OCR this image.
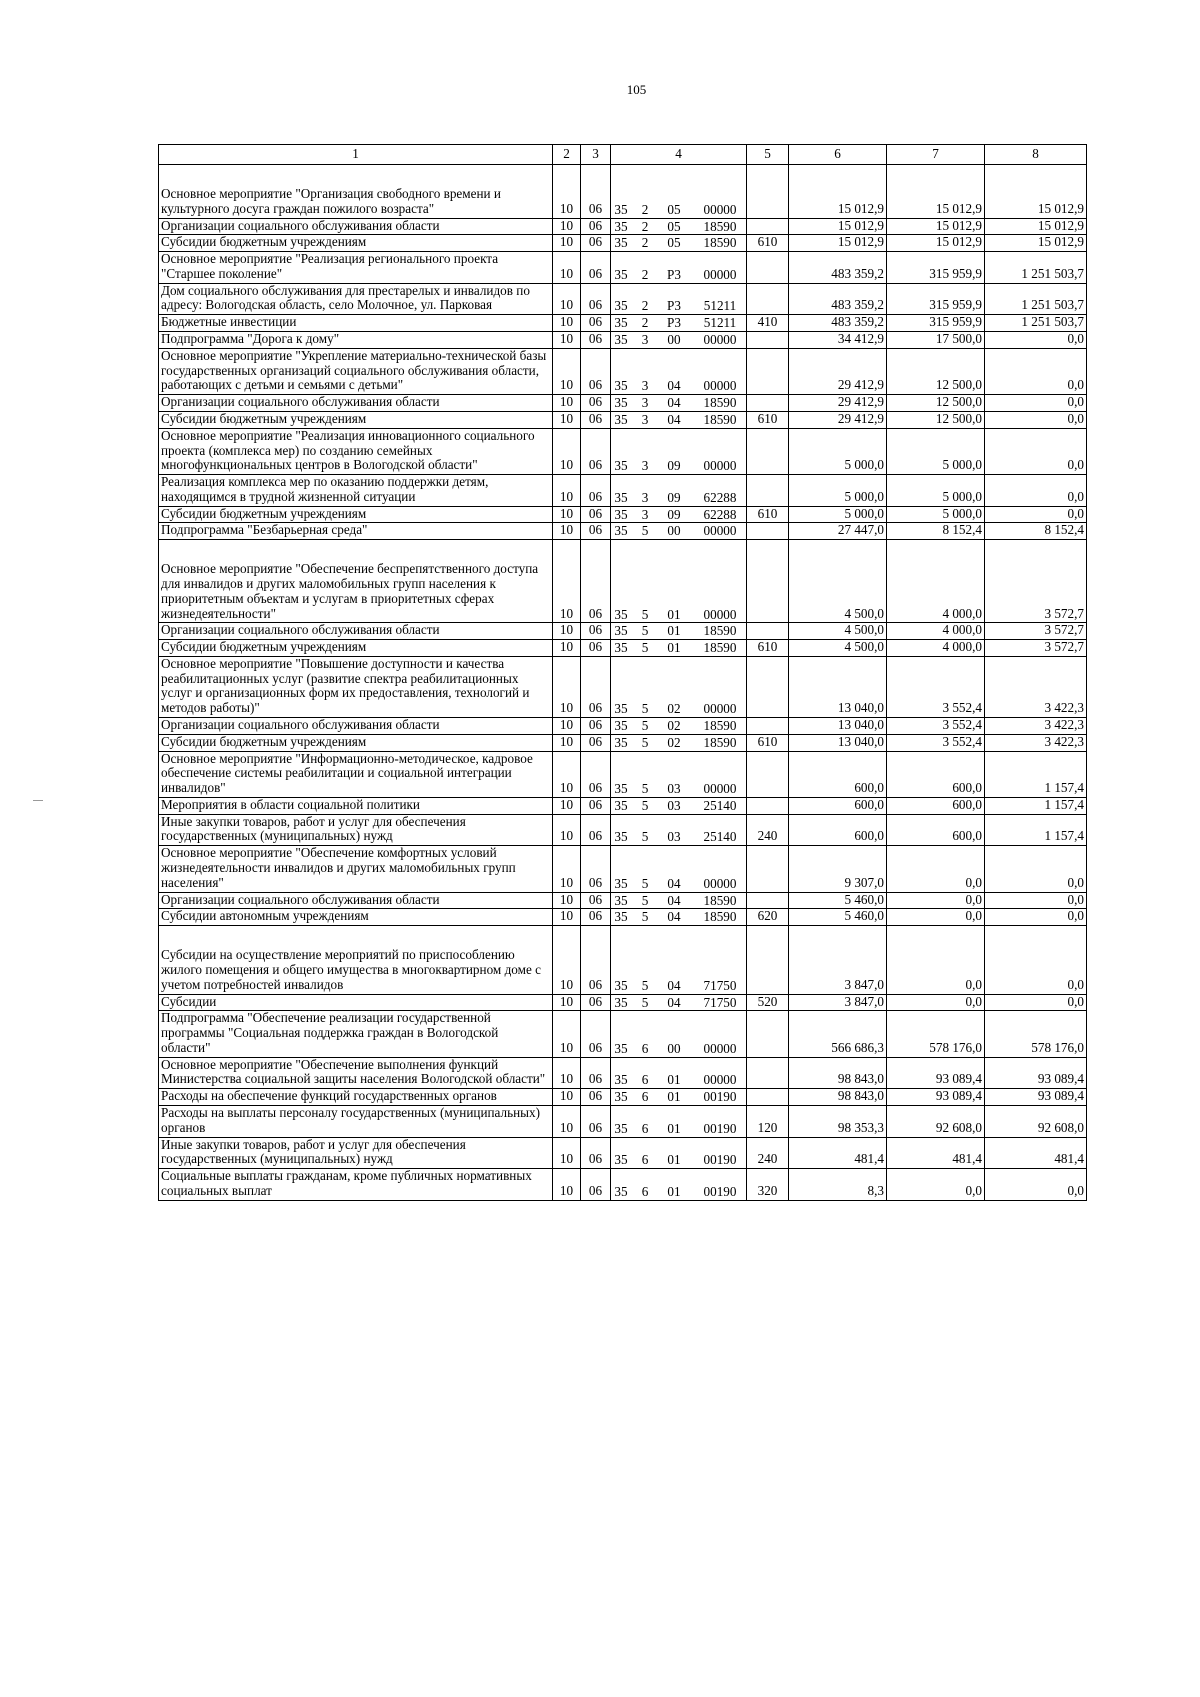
105
1	2	3	4	5	6	7	8
Основное мероприятие "Организация свободного времени и культурного досуга граждан пожилого возраста"	10	06	35 2 05 00000		15 012,9	15 012,9	15 012,9
Организации социального обслуживания области	10	06	35 2 05 18590		15 012,9	15 012,9	15 012,9
Субсидии бюджетным учреждениям	10	06	35 2 05 18590	610	15 012,9	15 012,9	15 012,9
Основное мероприятие "Реализация регионального проекта "Старшее поколение"	10	06	35 2 P3 00000		483 359,2	315 959,9	1 251 503,7
Дом социального обслуживания для престарелых и инвалидов по адресу: Вологодская область, село Молочное, ул. Парковая	10	06	35 2 P3 51211		483 359,2	315 959,9	1 251 503,7
Бюджетные инвестиции	10	06	35 2 P3 51211	410	483 359,2	315 959,9	1 251 503,7
Подпрограмма "Дорога к дому"	10	06	35 3 00 00000		34 412,9	17 500,0	0,0
Основное мероприятие "Укрепление материально-технической базы государственных организаций социального обслуживания области, работающих с детьми и семьями с детьми"	10	06	35 3 04 00000		29 412,9	12 500,0	0,0
Организации социального обслуживания области	10	06	35 3 04 18590		29 412,9	12 500,0	0,0
Субсидии бюджетным учреждениям	10	06	35 3 04 18590	610	29 412,9	12 500,0	0,0
Основное мероприятие "Реализация инновационного социального проекта (комплекса мер) по созданию семейных многофункциональных центров в Вологодской области"	10	06	35 3 09 00000		5 000,0	5 000,0	0,0
Реализация комплекса мер по оказанию поддержки детям, находящимся в трудной жизненной ситуации	10	06	35 3 09 62288		5 000,0	5 000,0	0,0
Субсидии бюджетным учреждениям	10	06	35 3 09 62288	610	5 000,0	5 000,0	0,0
Подпрограмма "Безбарьерная среда"	10	06	35 5 00 00000		27 447,0	8 152,4	8 152,4
Основное мероприятие "Обеспечение беспрепятственного доступа для инвалидов и других маломобильных групп населения к приоритетным объектам и услугам в приоритетных сферах жизнедеятельности"	10	06	35 5 01 00000		4 500,0	4 000,0	3 572,7
Организации социального обслуживания области	10	06	35 5 01 18590		4 500,0	4 000,0	3 572,7
Субсидии бюджетным учреждениям	10	06	35 5 01 18590	610	4 500,0	4 000,0	3 572,7
Основное мероприятие "Повышение доступности и качества реабилитационных услуг (развитие спектра реабилитационных услуг и организационных форм их предоставления, технологий и методов работы)"	10	06	35 5 02 00000		13 040,0	3 552,4	3 422,3
Организации социального обслуживания области	10	06	35 5 02 18590		13 040,0	3 552,4	3 422,3
Субсидии бюджетным учреждениям	10	06	35 5 02 18590	610	13 040,0	3 552,4	3 422,3
Основное мероприятие "Информационно-методическое, кадровое обеспечение системы реабилитации и социальной интеграции инвалидов"	10	06	35 5 03 00000		600,0	600,0	1 157,4
Мероприятия в области социальной политики	10	06	35 5 03 25140		600,0	600,0	1 157,4
Иные закупки товаров, работ и услуг для обеспечения государственных (муниципальных) нужд	10	06	35 5 03 25140	240	600,0	600,0	1 157,4
Основное мероприятие "Обеспечение комфортных условий жизнедеятельности инвалидов и других маломобильных групп населения"	10	06	35 5 04 00000		9 307,0	0,0	0,0
Организации социального обслуживания области	10	06	35 5 04 18590		5 460,0	0,0	0,0
Субсидии автономным учреждениям	10	06	35 5 04 18590	620	5 460,0	0,0	0,0
Субсидии на осуществление мероприятий по приспособлению жилого помещения и общего имущества в многоквартирном доме с учетом потребностей инвалидов	10	06	35 5 04 71750		3 847,0	0,0	0,0
Субсидии	10	06	35 5 04 71750	520	3 847,0	0,0	0,0
Подпрограмма "Обеспечение реализации государственной программы "Социальная поддержка граждан в Вологодской области"	10	06	35 6 00 00000		566 686,3	578 176,0	578 176,0
Основное мероприятие "Обеспечение выполнения функций Министерства социальной защиты населения Вологодской области"	10	06	35 6 01 00000		98 843,0	93 089,4	93 089,4
Расходы на обеспечение функций государственных органов	10	06	35 6 01 00190		98 843,0	93 089,4	93 089,4
Расходы на выплаты персоналу государственных (муниципальных) органов	10	06	35 6 01 00190	120	98 353,3	92 608,0	92 608,0
Иные закупки товаров, работ и услуг для обеспечения государственных (муниципальных) нужд	10	06	35 6 01 00190	240	481,4	481,4	481,4
Социальные выплаты гражданам, кроме публичных нормативных социальных выплат	10	06	35 6 01 00190	320	8,3	0,0	0,0
